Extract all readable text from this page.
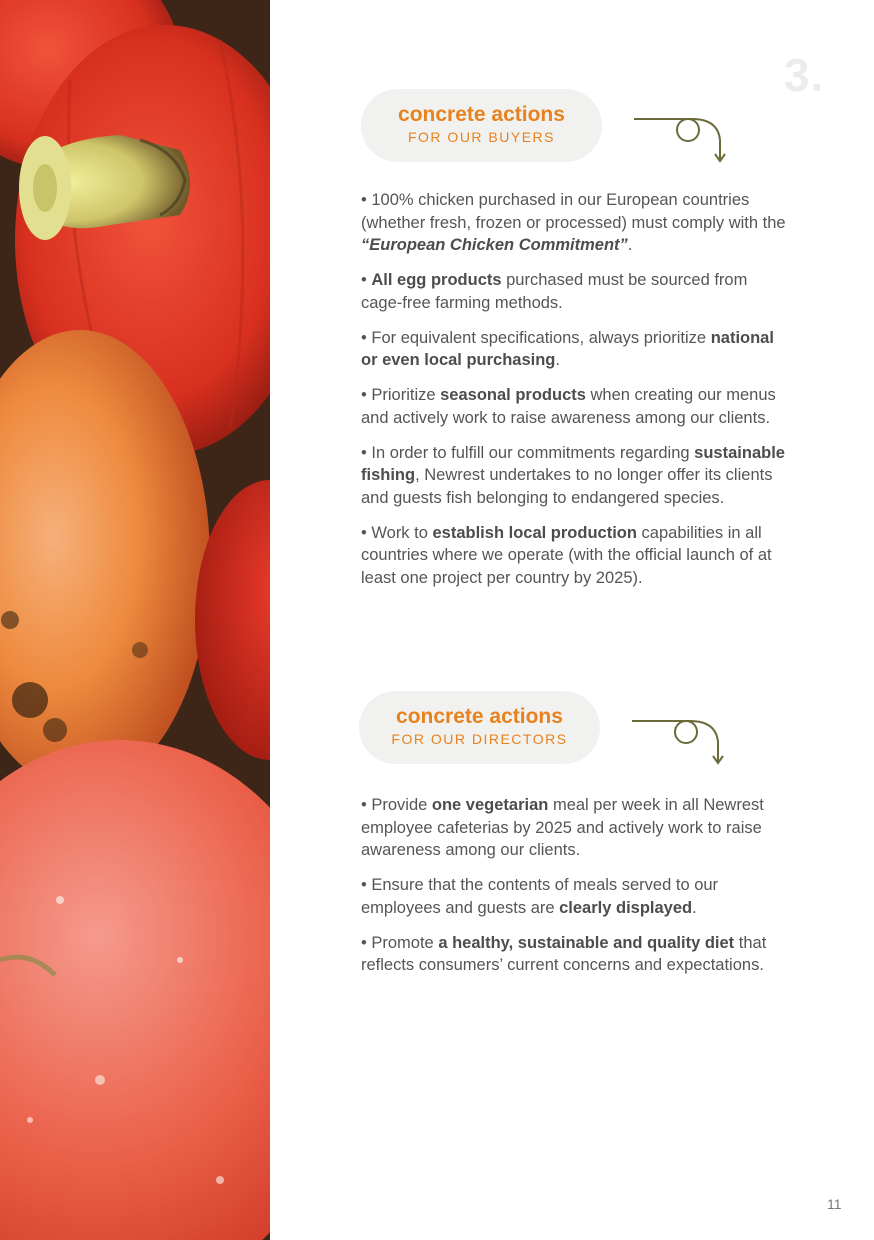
3.
concrete actions
FOR OUR BUYERS

• 100% chicken purchased in our European countries (whether fresh, frozen or processed) must comply with the “European Chicken Commitment”.

• All egg products purchased must be sourced from cage-free farming methods.

• For equivalent specifications, always prioritize national or even local purchasing.

• Prioritize seasonal products when creating our menus and actively work to raise awareness among our clients.

• In order to fulfill our commitments regarding sustainable fishing, Newrest undertakes to no longer offer its clients and guests fish belonging to endangered species.

• Work to establish local production capabilities in all countries where we operate (with the official launch of at least one project per country by 2025).

concrete actions
FOR OUR DIRECTORS

• Provide one vegetarian meal per week in all Newrest employee cafeterias by 2025 and actively work to raise awareness among our clients.

• Ensure that the contents of meals served to our employees and guests are clearly displayed.

• Promote a healthy, sustainable and quality diet that reflects consumers’ current concerns and expectations.

11
